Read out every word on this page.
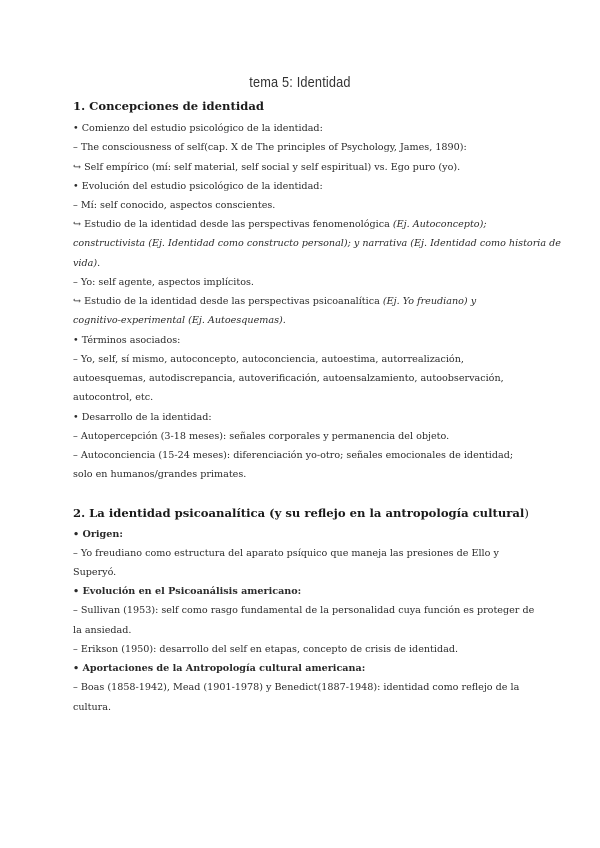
tema 5: Identidad
1. Concepciones de identidad
• Comienzo del estudio psicológico de la identidad:
– The consciousness of self(cap. X de The principles of Psychology, James, 1890):
↪ Self empírico (mí: self material, self social y self espiritual) vs. Ego puro (yo).
• Evolución del estudio psicológico de la identidad:
– Mí: self conocido, aspectos conscientes.
↪ Estudio de la identidad desde las perspectivas fenomenológica (Ej. Autoconcepto);
constructivista (Ej. Identidad como constructo personal); y narrativa (Ej. Identidad como historia de
vida).
– Yo: self agente, aspectos implícitos.
↪ Estudio de la identidad desde las perspectivas psicoanalítica (Ej. Yo freudiano) y
cognitivo-experimental (Ej. Autoesquemas).
• Términos asociados:
– Yo, self, sí mismo, autoconcepto, autoconciencia, autoestima, autorrealización,
autoesquemas, autodiscrepancia, autoverificación, autoensalzamiento, autoobservación,
autocontrol, etc.
• Desarrollo de la identidad:
– Autopercepción (3-18 meses): señales corporales y permanencia del objeto.
– Autoconciencia (15-24 meses): diferenciación yo-otro; señales emocionales de identidad;
solo en humanos/grandes primates.
2. La identidad psicoanalítica (y su reflejo en la antropología cultural)
• Origen:
– Yo freudiano como estructura del aparato psíquico que maneja las presiones de Ello y
Superyó.
• Evolución en el Psicoanálisis americano:
– Sullivan (1953): self como rasgo fundamental de la personalidad cuya función es proteger de
la ansiedad.
– Erikson (1950): desarrollo del self en etapas, concepto de crisis de identidad.
• Aportaciones de la Antropología cultural americana:
– Boas (1858-1942), Mead (1901-1978) y Benedict(1887-1948): identidad como reflejo de la
cultura.
